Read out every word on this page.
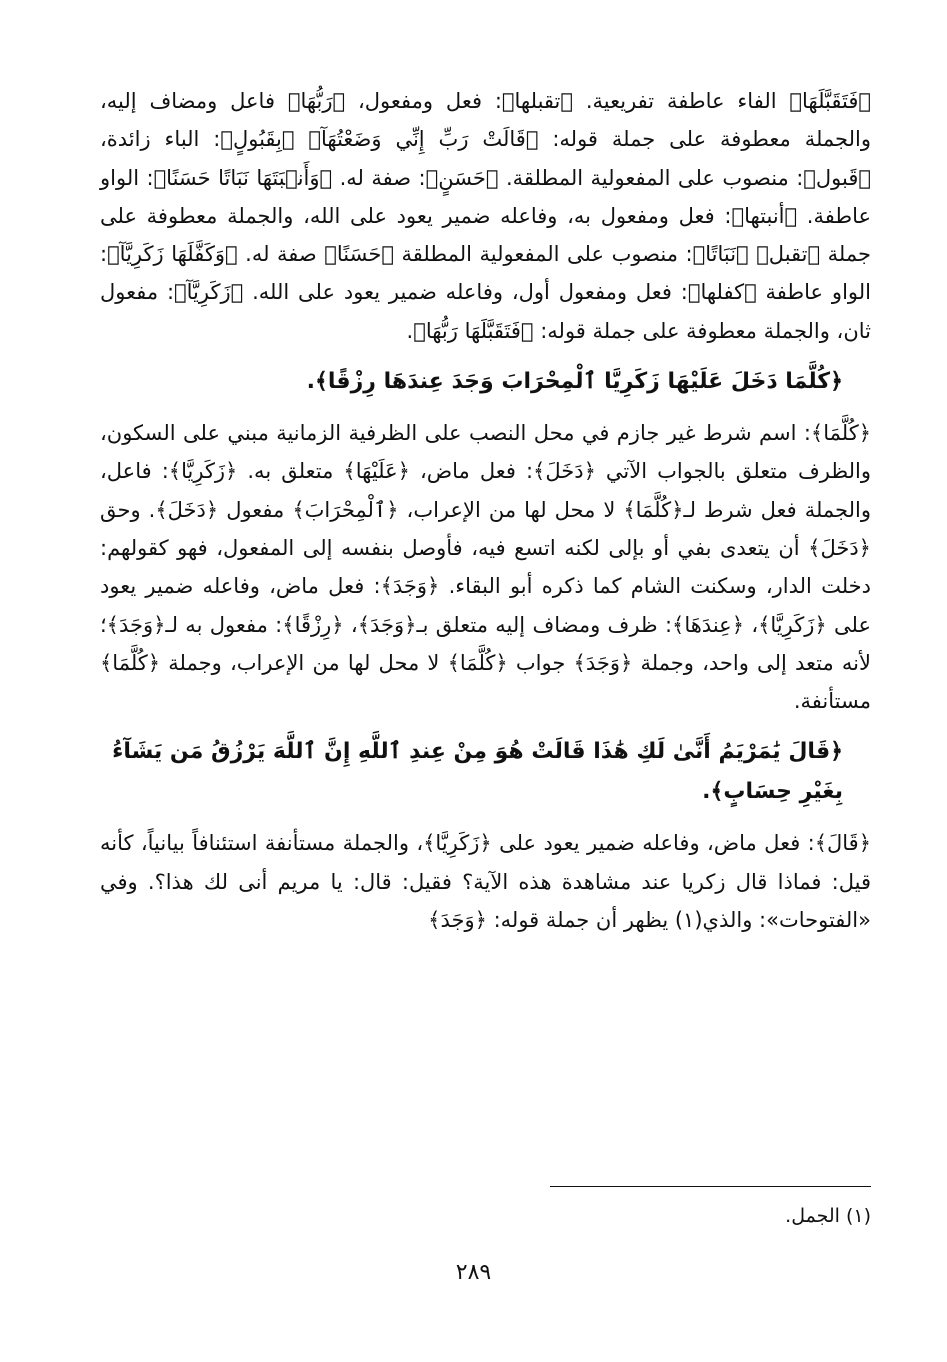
﴿فَتَقَبَّلَهَا﴾ الفاء عاطفة تفريعية. ﴿تقبلها﴾: فعل ومفعول، ﴿رَبُّهَا﴾ فاعل ومضاف إليه، والجملة معطوفة على جملة قوله: ﴿قَالَتْ رَبِّ إِنِّي وَضَعْتُهَآ﴾ ﴿بِقَبُولٍ﴾: الباء زائدة، ﴿قَبول﴾: منصوب على المفعولية المطلقة. ﴿حَسَنٍ﴾: صفة له. ﴿وَأَنۢبَتَهَا نَبَاتًا حَسَنًا﴾: الواو عاطفة. ﴿أنبتها﴾: فعل ومفعول به، وفاعله ضمير يعود على الله، والجملة معطوفة على جملة ﴿تقبل﴾ ﴿نَبَاتًا﴾: منصوب على المفعولية المطلقة ﴿حَسَنًا﴾ صفة له. ﴿وَكَفَّلَهَا زَكَرِيَّآ﴾: الواو عاطفة ﴿كفلها﴾: فعل ومفعول أول، وفاعله ضمير يعود على الله. ﴿زَكَرِيَّآ﴾: مفعول ثان، والجملة معطوفة على جملة قوله: ﴿فَتَقَبَّلَهَا رَبُّهَا﴾.

﴿كُلَّمَا دَخَلَ عَلَيْهَا زَكَرِيَّا ٱلْمِحْرَابَ وَجَدَ عِندَهَا رِزْقًا﴾.

﴿كُلَّمَا﴾: اسم شرط غير جازم في محل النصب على الظرفية الزمانية مبني على السكون، والظرف متعلق بالجواب الآتي ﴿دَخَلَ﴾: فعل ماض، ﴿عَلَيْهَا﴾ متعلق به. ﴿زَكَرِيَّا﴾: فاعل، والجملة فعل شرط لـ﴿كُلَّمَا﴾ لا محل لها من الإعراب، ﴿ٱلْمِحْرَابَ﴾ مفعول ﴿دَخَلَ﴾. وحق ﴿دَخَلَ﴾ أن يتعدى بفي أو بإلى لكنه اتسع فيه، فأوصل بنفسه إلى المفعول، فهو كقولهم: دخلت الدار، وسكنت الشام كما ذكره أبو البقاء. ﴿وَجَدَ﴾: فعل ماض، وفاعله ضمير يعود على ﴿زَكَرِيَّا﴾، ﴿عِندَهَا﴾: ظرف ومضاف إليه متعلق بـ﴿وَجَدَ﴾، ﴿رِزْقًا﴾: مفعول به لـ﴿وَجَدَ﴾؛ لأنه متعد إلى واحد، وجملة ﴿وَجَدَ﴾ جواب ﴿كُلَّمَا﴾ لا محل لها من الإعراب، وجملة ﴿كُلَّمَا﴾ مستأنفة.

﴿قَالَ يَٰمَرْيَمُ أَنَّىٰ لَكِ هَٰذَا قَالَتْ هُوَ مِنْ عِندِ ٱللَّهِ إِنَّ ٱللَّهَ يَرْزُقُ مَن يَشَآءُ بِغَيْرِ حِسَابٍ﴾.

﴿قَالَ﴾: فعل ماض، وفاعله ضمير يعود على ﴿زَكَرِيَّا﴾، والجملة مستأنفة استئنافاً بيانياً، كأنه قيل: فماذا قال زكريا عند مشاهدة هذه الآية؟ فقيل: قال: يا مريم أنى لك هذا؟. وفي «الفتوحات»: والذي(١) يظهر أن جملة قوله: ﴿وَجَدَ﴾

(١) الجمل.
٢٨٩
